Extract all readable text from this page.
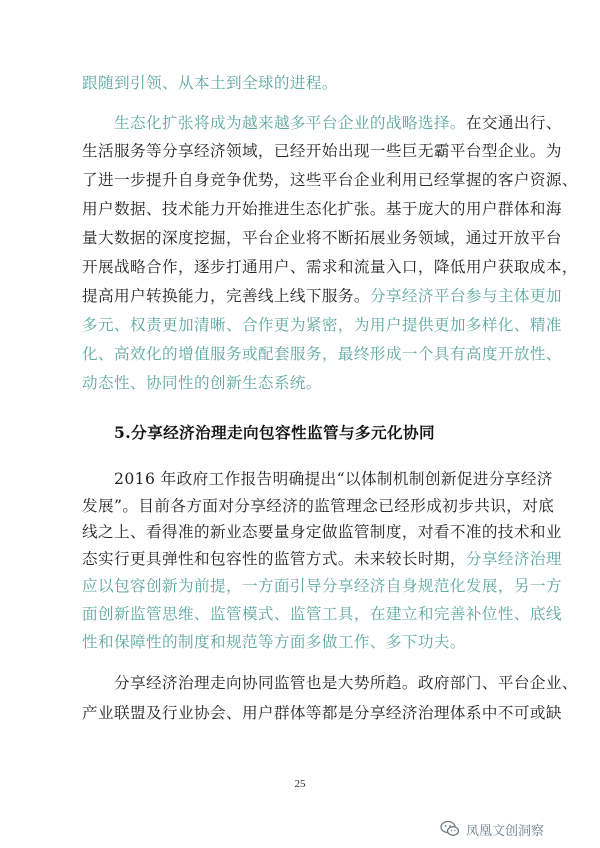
跟随到引领、从本土到全球的进程。
生态化扩张将成为越来越多平台企业的战略选择。在交通出行、
生活服务等分享经济领域，已经开始出现一些巨无霸平台型企业。为
了进一步提升自身竞争优势，这些平台企业利用已经掌握的客户资源、
用户数据、技术能力开始推进生态化扩张。基于庞大的用户群体和海
量大数据的深度挖掘，平台企业将不断拓展业务领域，通过开放平台
开展战略合作，逐步打通用户、需求和流量入口，降低用户获取成本，
提高用户转换能力，完善线上线下服务。分享经济平台参与主体更加
多元、权责更加清晰、合作更为紧密，为用户提供更加多样化、精准
化、高效化的增值服务或配套服务，最终形成一个具有高度开放性、
动态性、协同性的创新生态系统。
5.分享经济治理走向包容性监管与多元化协同
2016 年政府工作报告明确提出“以体制机制创新促进分享经济
发展”。目前各方面对分享经济的监管理念已经形成初步共识，对底
线之上、看得准的新业态要量身定做监管制度，对看不准的技术和业
态实行更具弹性和包容性的监管方式。未来较长时期，分享经济治理
应以包容创新为前提，一方面引导分享经济自身规范化发展，另一方
面创新监管思维、监管模式、监管工具，在建立和完善补位性、底线
性和保障性的制度和规范等方面多做工作、多下功夫。
分享经济治理走向协同监管也是大势所趋。政府部门、平台企业、
产业联盟及行业协会、用户群体等都是分享经济治理体系中不可或缺
25
凤凰文创洞察
